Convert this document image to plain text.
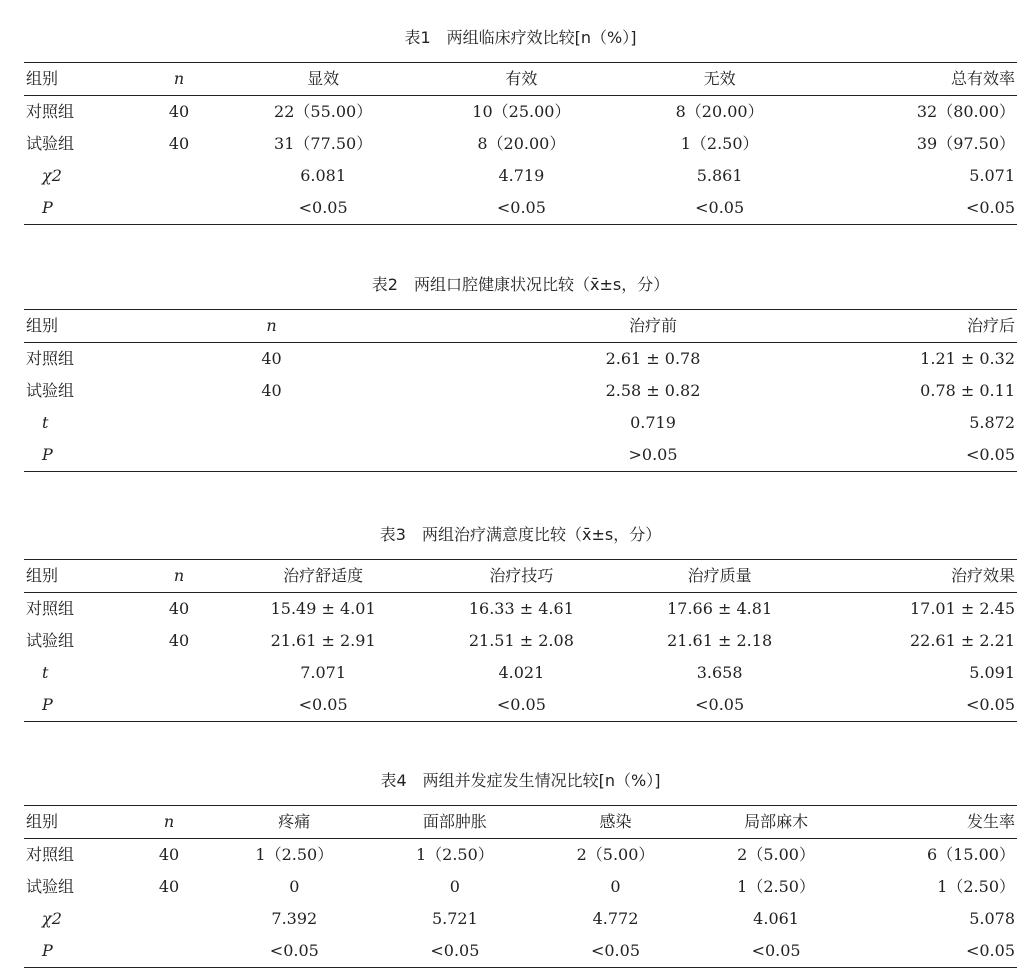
表1　两组临床疗效比较[n（%）]
组别	n	显效	有效	无效	总有效率
对照组	40	22（55.00）	10（25.00）	8（20.00）	32（80.00）
试验组	40	31（77.50）	8（20.00）	1（2.50）	39（97.50）
χ2		6.081	4.719	5.861	5.071
P		<0.05	<0.05	<0.05	<0.05
表2　两组口腔健康状况比较（x̄±s，分）
组别	n	治疗前	治疗后
对照组	40	2.61 ± 0.78	1.21 ± 0.32
试验组	40	2.58 ± 0.82	0.78 ± 0.11
t		0.719	5.872
P		>0.05	<0.05
表3　两组治疗满意度比较（x̄±s，分）
组别	n	治疗舒适度	治疗技巧	治疗质量	治疗效果
对照组	40	15.49 ± 4.01	16.33 ± 4.61	17.66 ± 4.81	17.01 ± 2.45
试验组	40	21.61 ± 2.91	21.51 ± 2.08	21.61 ± 2.18	22.61 ± 2.21
t		7.071	4.021	3.658	5.091
P		<0.05	<0.05	<0.05	<0.05
表4　两组并发症发生情况比较[n（%）]
组别	n	疼痛	面部肿胀	感染	局部麻木	发生率
对照组	40	1（2.50）	1（2.50）	2（5.00）	2（5.00）	6（15.00）
试验组	40	0	0	0	1（2.50）	1（2.50）
χ2		7.392	5.721	4.772	4.061	5.078
P		<0.05	<0.05	<0.05	<0.05	<0.05
